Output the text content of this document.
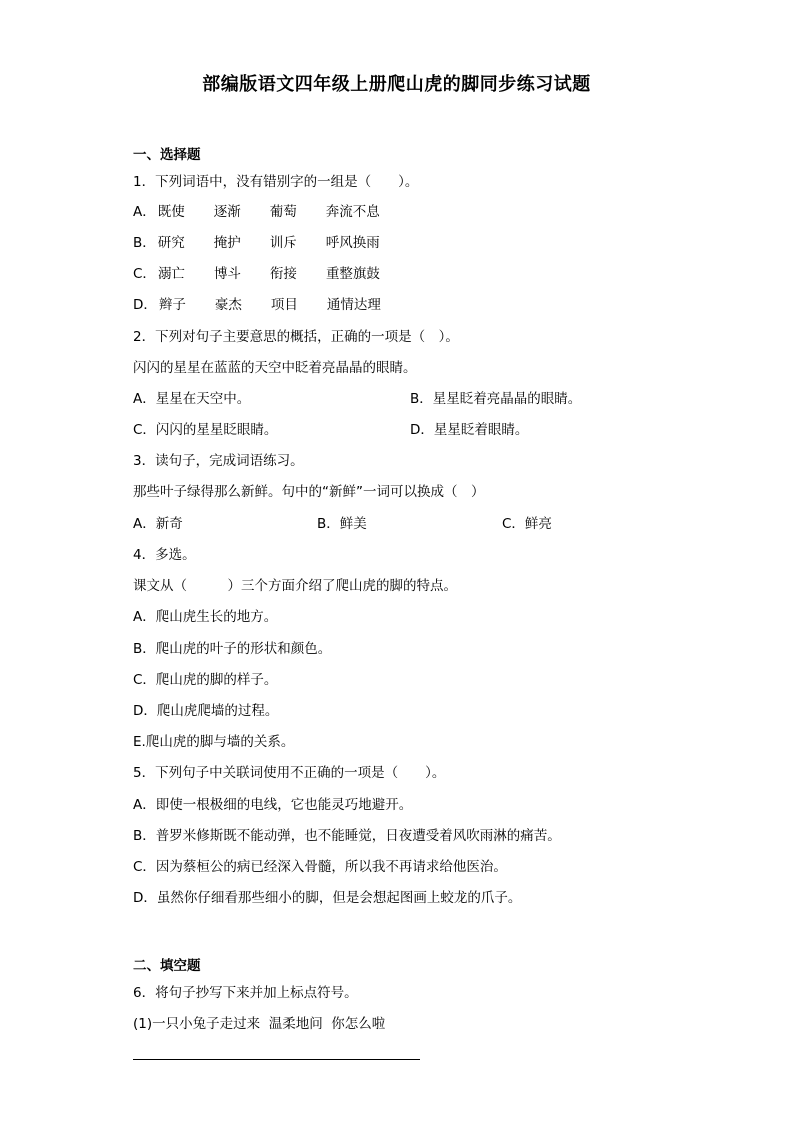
部编版语文四年级上册爬山虎的脚同步练习试题
一、选择题
1．下列词语中，没有错别字的一组是（　　）。
A． 既使 逐渐 葡萄 奔流不息
B． 研究 掩护 训斥 呼风换雨
C． 溺亡 博斗 衔接 重整旗鼓
D． 辫子 豪杰 项目 通情达理
2．下列对句子主要意思的概括，正确的一项是（　）。
闪闪的星星在蓝蓝的天空中眨着亮晶晶的眼睛。
A．星星在天空中。	B．星星眨着亮晶晶的眼睛。
C．闪闪的星星眨眼睛。	D．星星眨着眼睛。
3．读句子，完成词语练习。
那些叶子绿得那么新鲜。句中的“新鲜”一词可以换成（　）
A．新奇	B．鲜美	C．鲜亮
4．多选。
课文从（　　　）三个方面介绍了爬山虎的脚的特点。
A．爬山虎生长的地方。
B．爬山虎的叶子的形状和颜色。
C．爬山虎的脚的样子。
D．爬山虎爬墙的过程。
E.爬山虎的脚与墙的关系。
5．下列句子中关联词使用不正确的一项是（　　）。
A．即使一根极细的电线，它也能灵巧地避开。
B．普罗米修斯既不能动弹，也不能睡觉，日夜遭受着风吹雨淋的痛苦。
C．因为蔡桓公的病已经深入骨髓，所以我不再请求给他医治。
D．虽然你仔细看那些细小的脚，但是会想起图画上蛟龙的爪子。
二、填空题
6．将句子抄写下来并加上标点符号。
(1)一只小兔子走过来  温柔地问  你怎么啦
